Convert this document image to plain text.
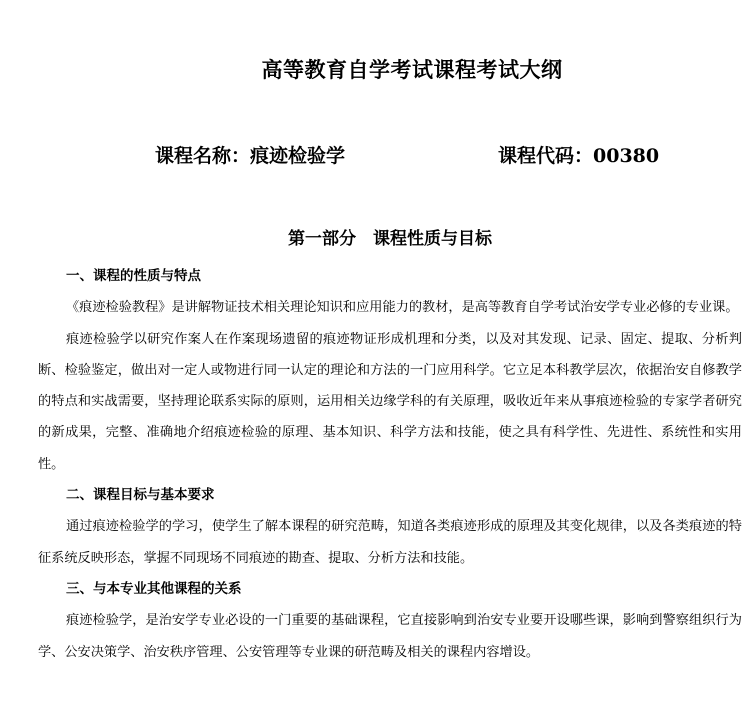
高等教育自学考试课程考试大纲
课程名称：痕迹检验学	课程代码：00380
第一部分　课程性质与目标

一、课程的性质与特点

《痕迹检验教程》是讲解物证技术相关理论知识和应用能力的教材，是高等教育自学考试治安学专业必修的专业课。

痕迹检验学以研究作案人在作案现场遗留的痕迹物证形成机理和分类，以及对其发现、记录、固定、提取、分析判断、检验鉴定，做出对一定人或物进行同一认定的理论和方法的一门应用科学。它立足本科教学层次，依据治安自修教学的特点和实战需要，坚持理论联系实际的原则，运用相关边缘学科的有关原理，吸收近年来从事痕迹检验的专家学者研究的新成果，完整、准确地介绍痕迹检验的原理、基本知识、科学方法和技能，使之具有科学性、先进性、系统性和实用性。

二、课程目标与基本要求

通过痕迹检验学的学习，使学生了解本课程的研究范畴，知道各类痕迹形成的原理及其变化规律，以及各类痕迹的特征系统反映形态，掌握不同现场不同痕迹的勘查、提取、分析方法和技能。

三、与本专业其他课程的关系

痕迹检验学，是治安学专业必设的一门重要的基础课程，它直接影响到治安专业要开设哪些课，影响到警察组织行为学、公安决策学、治安秩序管理、公安管理等专业课的研范畴及相关的课程内容增设。
